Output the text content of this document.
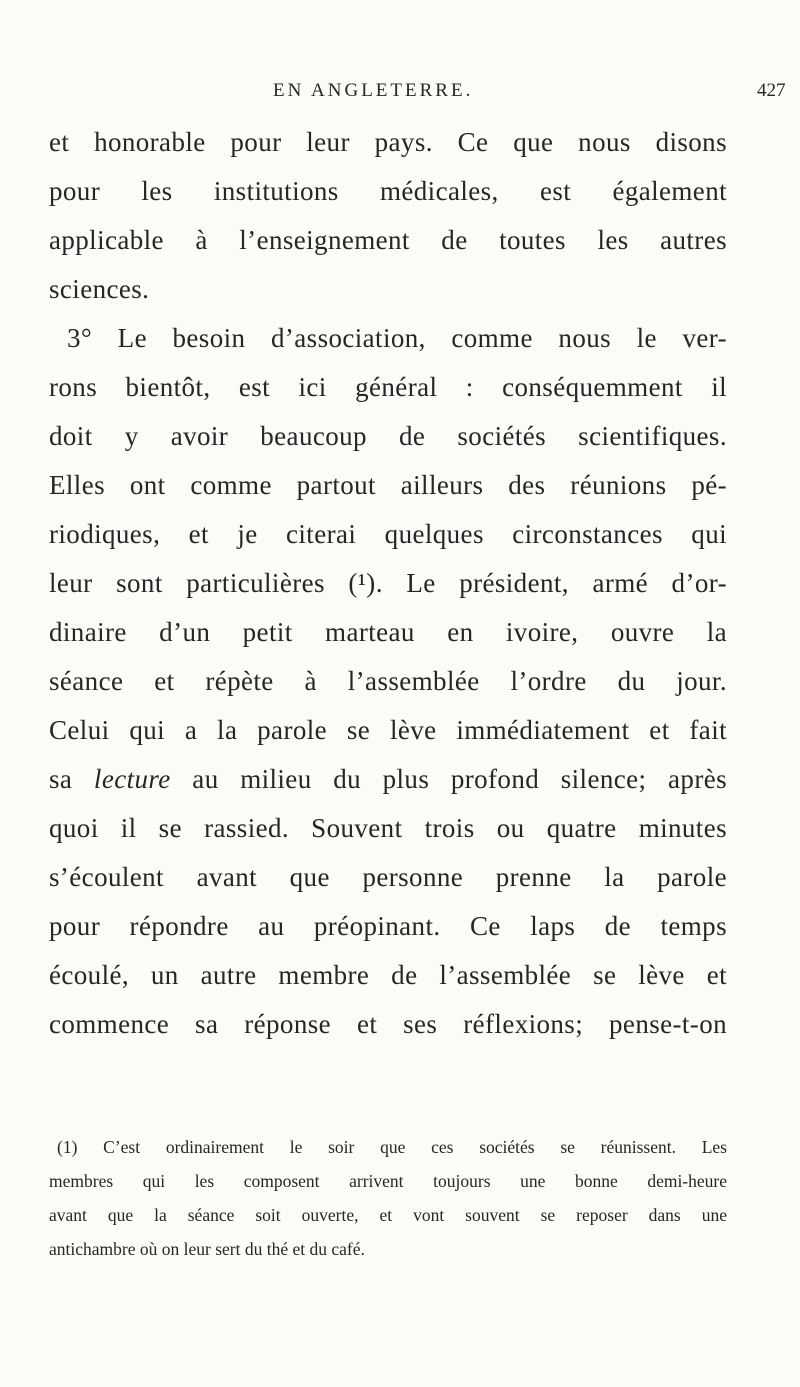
EN ANGLETERRE.	427
et honorable pour leur pays. Ce que nous disons
pour les institutions médicales, est également
applicable à l’enseignement de toutes les autres
sciences.
3° Le besoin d’association, comme nous le ver-
rons bientôt, est ici général : conséquemment il
doit y avoir beaucoup de sociétés scientifiques.
Elles ont comme partout ailleurs des réunions pé-
riodiques, et je citerai quelques circonstances qui
leur sont particulières (¹). Le président, armé d’or-
dinaire d’un petit marteau en ivoire, ouvre la
séance et répète à l’assemblée l’ordre du jour.
Celui qui a la parole se lève immédiatement et fait
sa lecture au milieu du plus profond silence; après
quoi il se rassied. Souvent trois ou quatre minutes
s’écoulent avant que personne prenne la parole
pour répondre au préopinant. Ce laps de temps
écoulé, un autre membre de l’assemblée se lève et
commence sa réponse et ses réflexions; pense-t-on
(1) C’est ordinairement le soir que ces sociétés se réunissent. Les
membres qui les composent arrivent toujours une bonne demi-heure
avant que la séance soit ouverte, et vont souvent se reposer dans une
antichambre où on leur sert du thé et du café.
